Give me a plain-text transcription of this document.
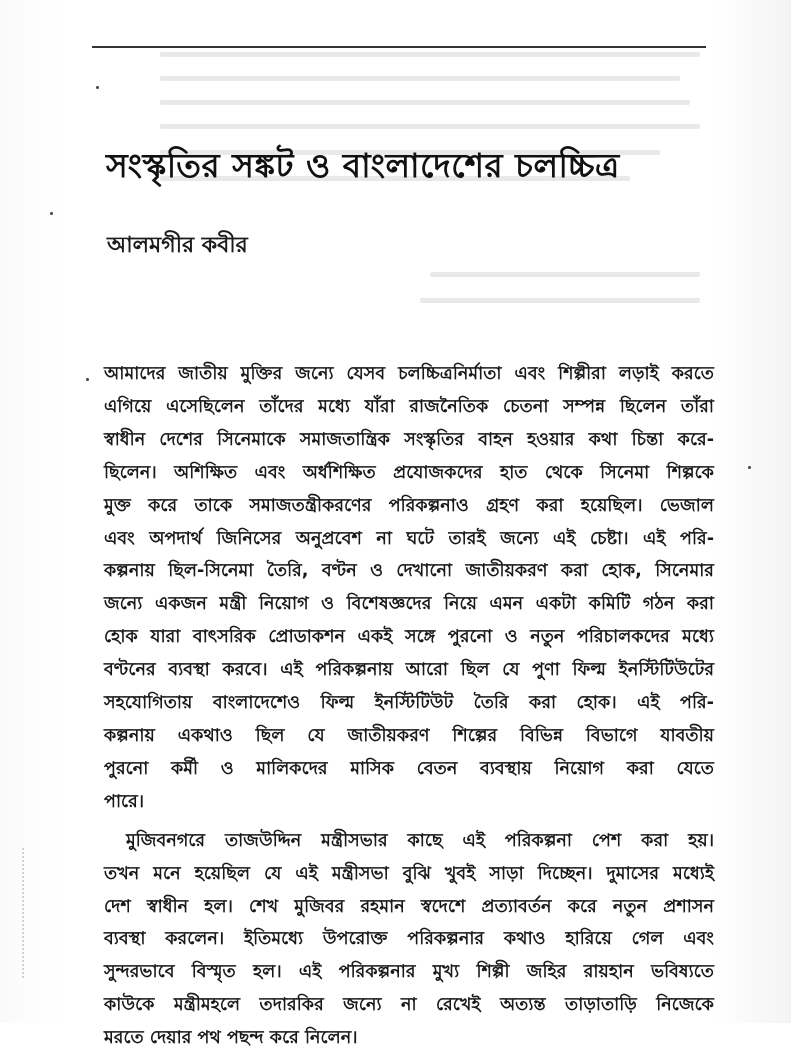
সংস্কৃতির সঙ্কট ও বাংলাদেশের চলচ্চিত্র
আলমগীর কবীর

আমাদের জাতীয় মুক্তির জন্যে যেসব চলচ্চিত্রনির্মাতা এবং শিল্পীরা লড়াই করতে
এগিয়ে এসেছিলেন তাঁদের মধ্যে যাঁরা রাজনৈতিক চেতনা সম্পন্ন ছিলেন তাঁরা
স্বাধীন দেশের সিনেমাকে সমাজতান্ত্রিক সংস্কৃতির বাহন হওয়ার কথা চিন্তা করে-
ছিলেন। অশিক্ষিত এবং অর্ধশিক্ষিত প্রযোজকদের হাত থেকে সিনেমা শিল্পকে
মুক্ত করে তাকে সমাজতন্ত্রীকরণের পরিকল্পনাও গ্রহণ করা হয়েছিল। ভেজাল
এবং অপদার্থ জিনিসের অনুপ্রবেশ না ঘটে তারই জন্যে এই চেষ্টা। এই পরি-
কল্পনায় ছিল-সিনেমা তৈরি, বণ্টন ও দেখানো জাতীয়করণ করা হোক, সিনেমার
জন্যে একজন মন্ত্রী নিয়োগ ও বিশেষজ্ঞদের নিয়ে এমন একটা কমিটি গঠন করা
হোক যারা বাৎসরিক প্রোডাকশন একই সঙ্গে পুরনো ও নতুন পরিচালকদের মধ্যে
বণ্টনের ব্যবস্থা করবে। এই পরিকল্পনায় আরো ছিল যে পুণা ফিল্ম ইনস্টিটিউটের
সহযোগিতায় বাংলাদেশেও ফিল্ম ইনস্টিটিউট তৈরি করা হোক। এই পরি-
কল্পনায় একথাও ছিল যে জাতীয়করণ শিল্পের বিভিন্ন বিভাগে যাবতীয়
পুরনো কর্মী ও মালিকদের মাসিক বেতন ব্যবস্থায় নিয়োগ করা যেতে
পারে।

মুজিবনগরে তাজউদ্দিন মন্ত্রীসভার কাছে এই পরিকল্পনা পেশ করা হয়।
তখন মনে হয়েছিল যে এই মন্ত্রীসভা বুঝি খুবই সাড়া দিচ্ছেন। দুমাসের মধ্যেই
দেশ স্বাধীন হল। শেখ মুজিবর রহমান স্বদেশে প্রত্যাবর্তন করে নতুন প্রশাসন
ব্যবস্থা করলেন। ইতিমধ্যে উপরোক্ত পরিকল্পনার কথাও হারিয়ে গেল এবং
সুন্দরভাবে বিস্মৃত হল। এই পরিকল্পনার মুখ্য শিল্পী জহির রায়হান ভবিষ্যতে
কাউকে মন্ত্রীমহলে তদারকির জন্যে না রেখেই অত্যন্ত তাড়াতাড়ি নিজেকে
মরতে দেয়ার পথ পছন্দ করে নিলেন।
